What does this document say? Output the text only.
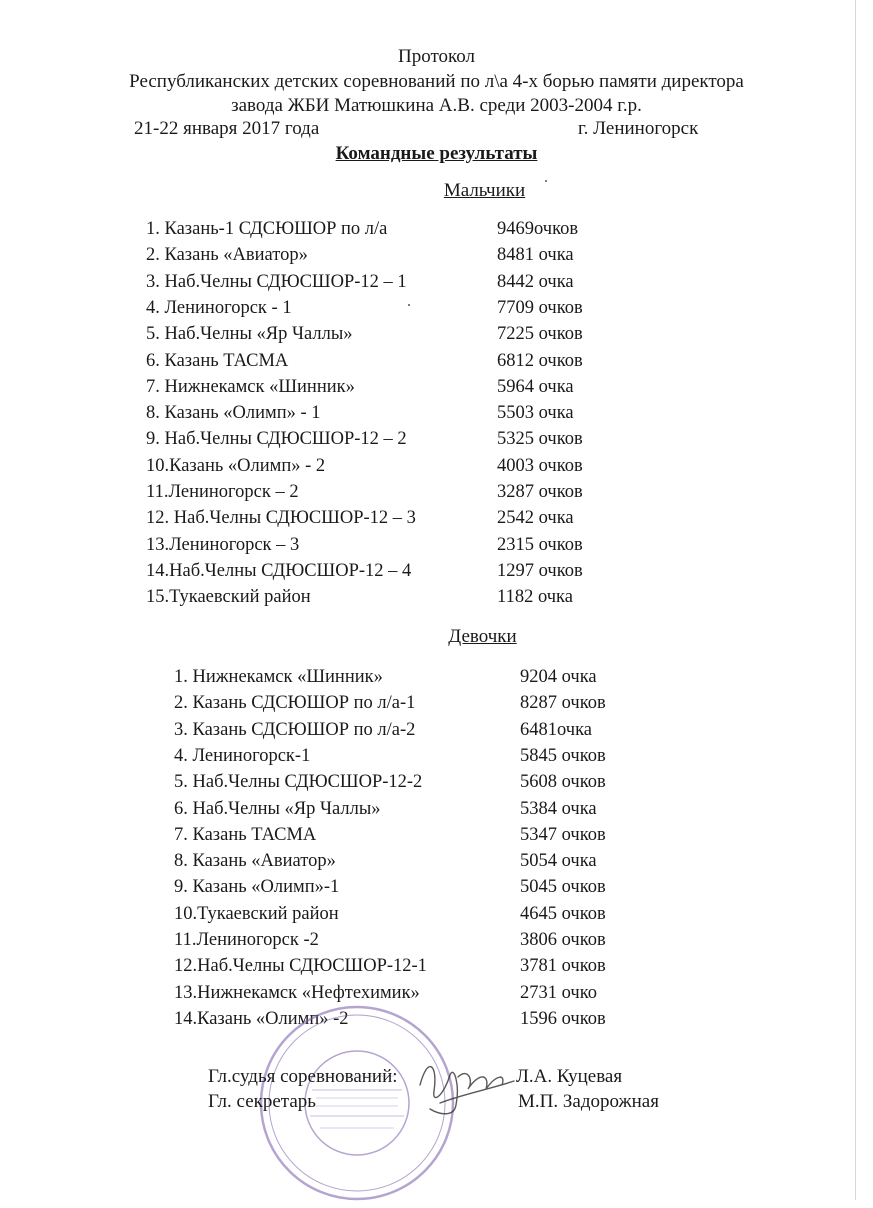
Протокол
Республиканских детских соревнований по л\а 4-х борью памяти директора
завода ЖБИ Матюшкина А.В. среди 2003-2004 г.р.
21-22 января 2017 года	г. Лениногорск
Командные результаты
Мальчики
1. Казань-1 СДСЮШОР по л/а	9469очков
2. Казань «Авиатор»	8481 очка
3. Наб.Челны СДЮСШОР-12 – 1	8442 очка
4. Лениногорск - 1	7709 очков
5. Наб.Челны «Яр Чаллы»	7225 очков
6. Казань ТАСМА	6812 очков
7. Нижнекамск «Шинник»	5964 очка
8. Казань «Олимп» - 1	5503 очка
9. Наб.Челны СДЮСШОР-12 – 2	5325 очков
10.Казань «Олимп» - 2	4003 очков
11.Лениногорск – 2	3287 очков
12. Наб.Челны СДЮСШОР-12 – 3	2542 очка
13.Лениногорск – 3	2315 очков
14.Наб.Челны СДЮСШОР-12 – 4	1297 очков
15.Тукаевский район	1182 очка
Девочки
1. Нижнекамск «Шинник»	9204 очка
2. Казань СДСЮШОР по л/а-1	8287 очков
3. Казань СДСЮШОР по л/а-2	6481очка
4. Лениногорск-1	5845 очков
5. Наб.Челны СДЮСШОР-12-2	5608 очков
6. Наб.Челны «Яр Чаллы»	5384 очка
7. Казань ТАСМА	5347 очков
8. Казань «Авиатор»	5054 очка
9. Казань «Олимп»-1	5045 очков
10.Тукаевский район	4645 очков
11.Лениногорск -2	3806 очков
12.Наб.Челны СДЮСШОР-12-1	3781 очков
13.Нижнекамск «Нефтехимик»	2731 очко
14.Казань «Олимп» -2	1596 очков
Гл.судья соревнований:	Л.А. Куцевая
Гл. секретарь	М.П. Задорожная
